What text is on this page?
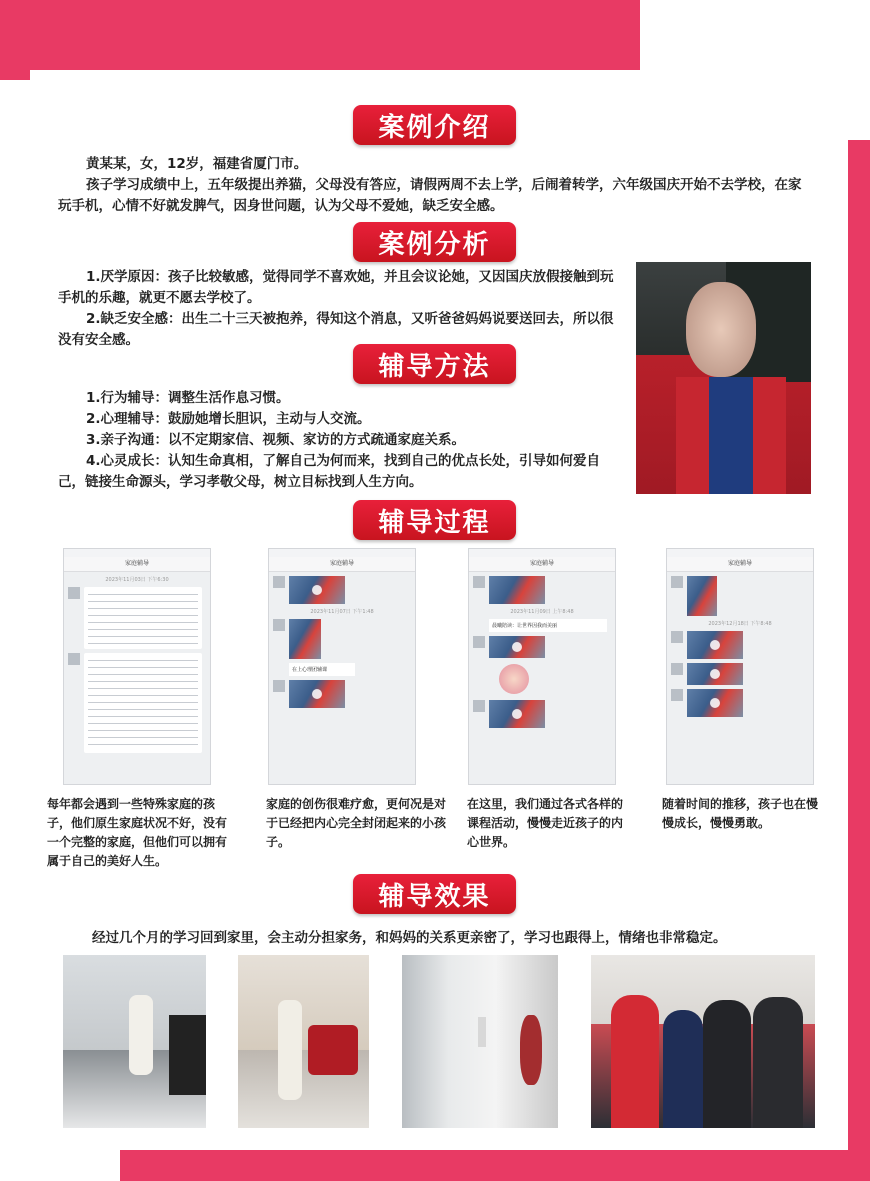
案例介绍

黄某某，女，12岁，福建省厦门市。

孩子学习成绩中上，五年级提出养猫，父母没有答应，请假两周不去上学，后闹着转学，六年级国庆开始不去学校，在家玩手机，心情不好就发脾气，因身世问题，认为父母不爱她，缺乏安全感。

案例分析

1.厌学原因：孩子比较敏感，觉得同学不喜欢她，并且会议论她，又因国庆放假接触到玩手机的乐趣，就更不愿去学校了。

2.缺乏安全感：出生二十三天被抱养，得知这个消息，又听爸爸妈妈说要送回去，所以很没有安全感。

辅导方法

1.行为辅导：调整生活作息习惯。

2.心理辅导：鼓励她增长胆识，主动与人交流。

3.亲子沟通：以不定期家信、视频、家访的方式疏通家庭关系。

4.心灵成长：认知生命真相，了解自己为何而来，找到自己的优点长处，引导如何爱自己，链接生命源头，学习孝敬父母，树立目标找到人生方向。

辅导过程
家庭辅导
2023年11月03日 下午6:30
家庭辅导
2023年11月07日 下午1:48
在上心理团辅课
家庭辅导
2023年11月09日 上午8:48
晨曦陪读：让世界因我而美丽
家庭辅导
2023年12月18日 下午8:48
每年都会遇到一些特殊家庭的孩子，他们原生家庭状况不好，没有一个完整的家庭，但他们可以拥有属于自己的美好人生。
家庭的创伤很难疗愈，更何况是对于已经把内心完全封闭起来的小孩子。
在这里，我们通过各式各样的课程活动，慢慢走近孩子的内心世界。
随着时间的推移，孩子也在慢慢成长，慢慢勇敢。
辅导效果
经过几个月的学习回到家里，会主动分担家务，和妈妈的关系更亲密了，学习也跟得上，情绪也非常稳定。
